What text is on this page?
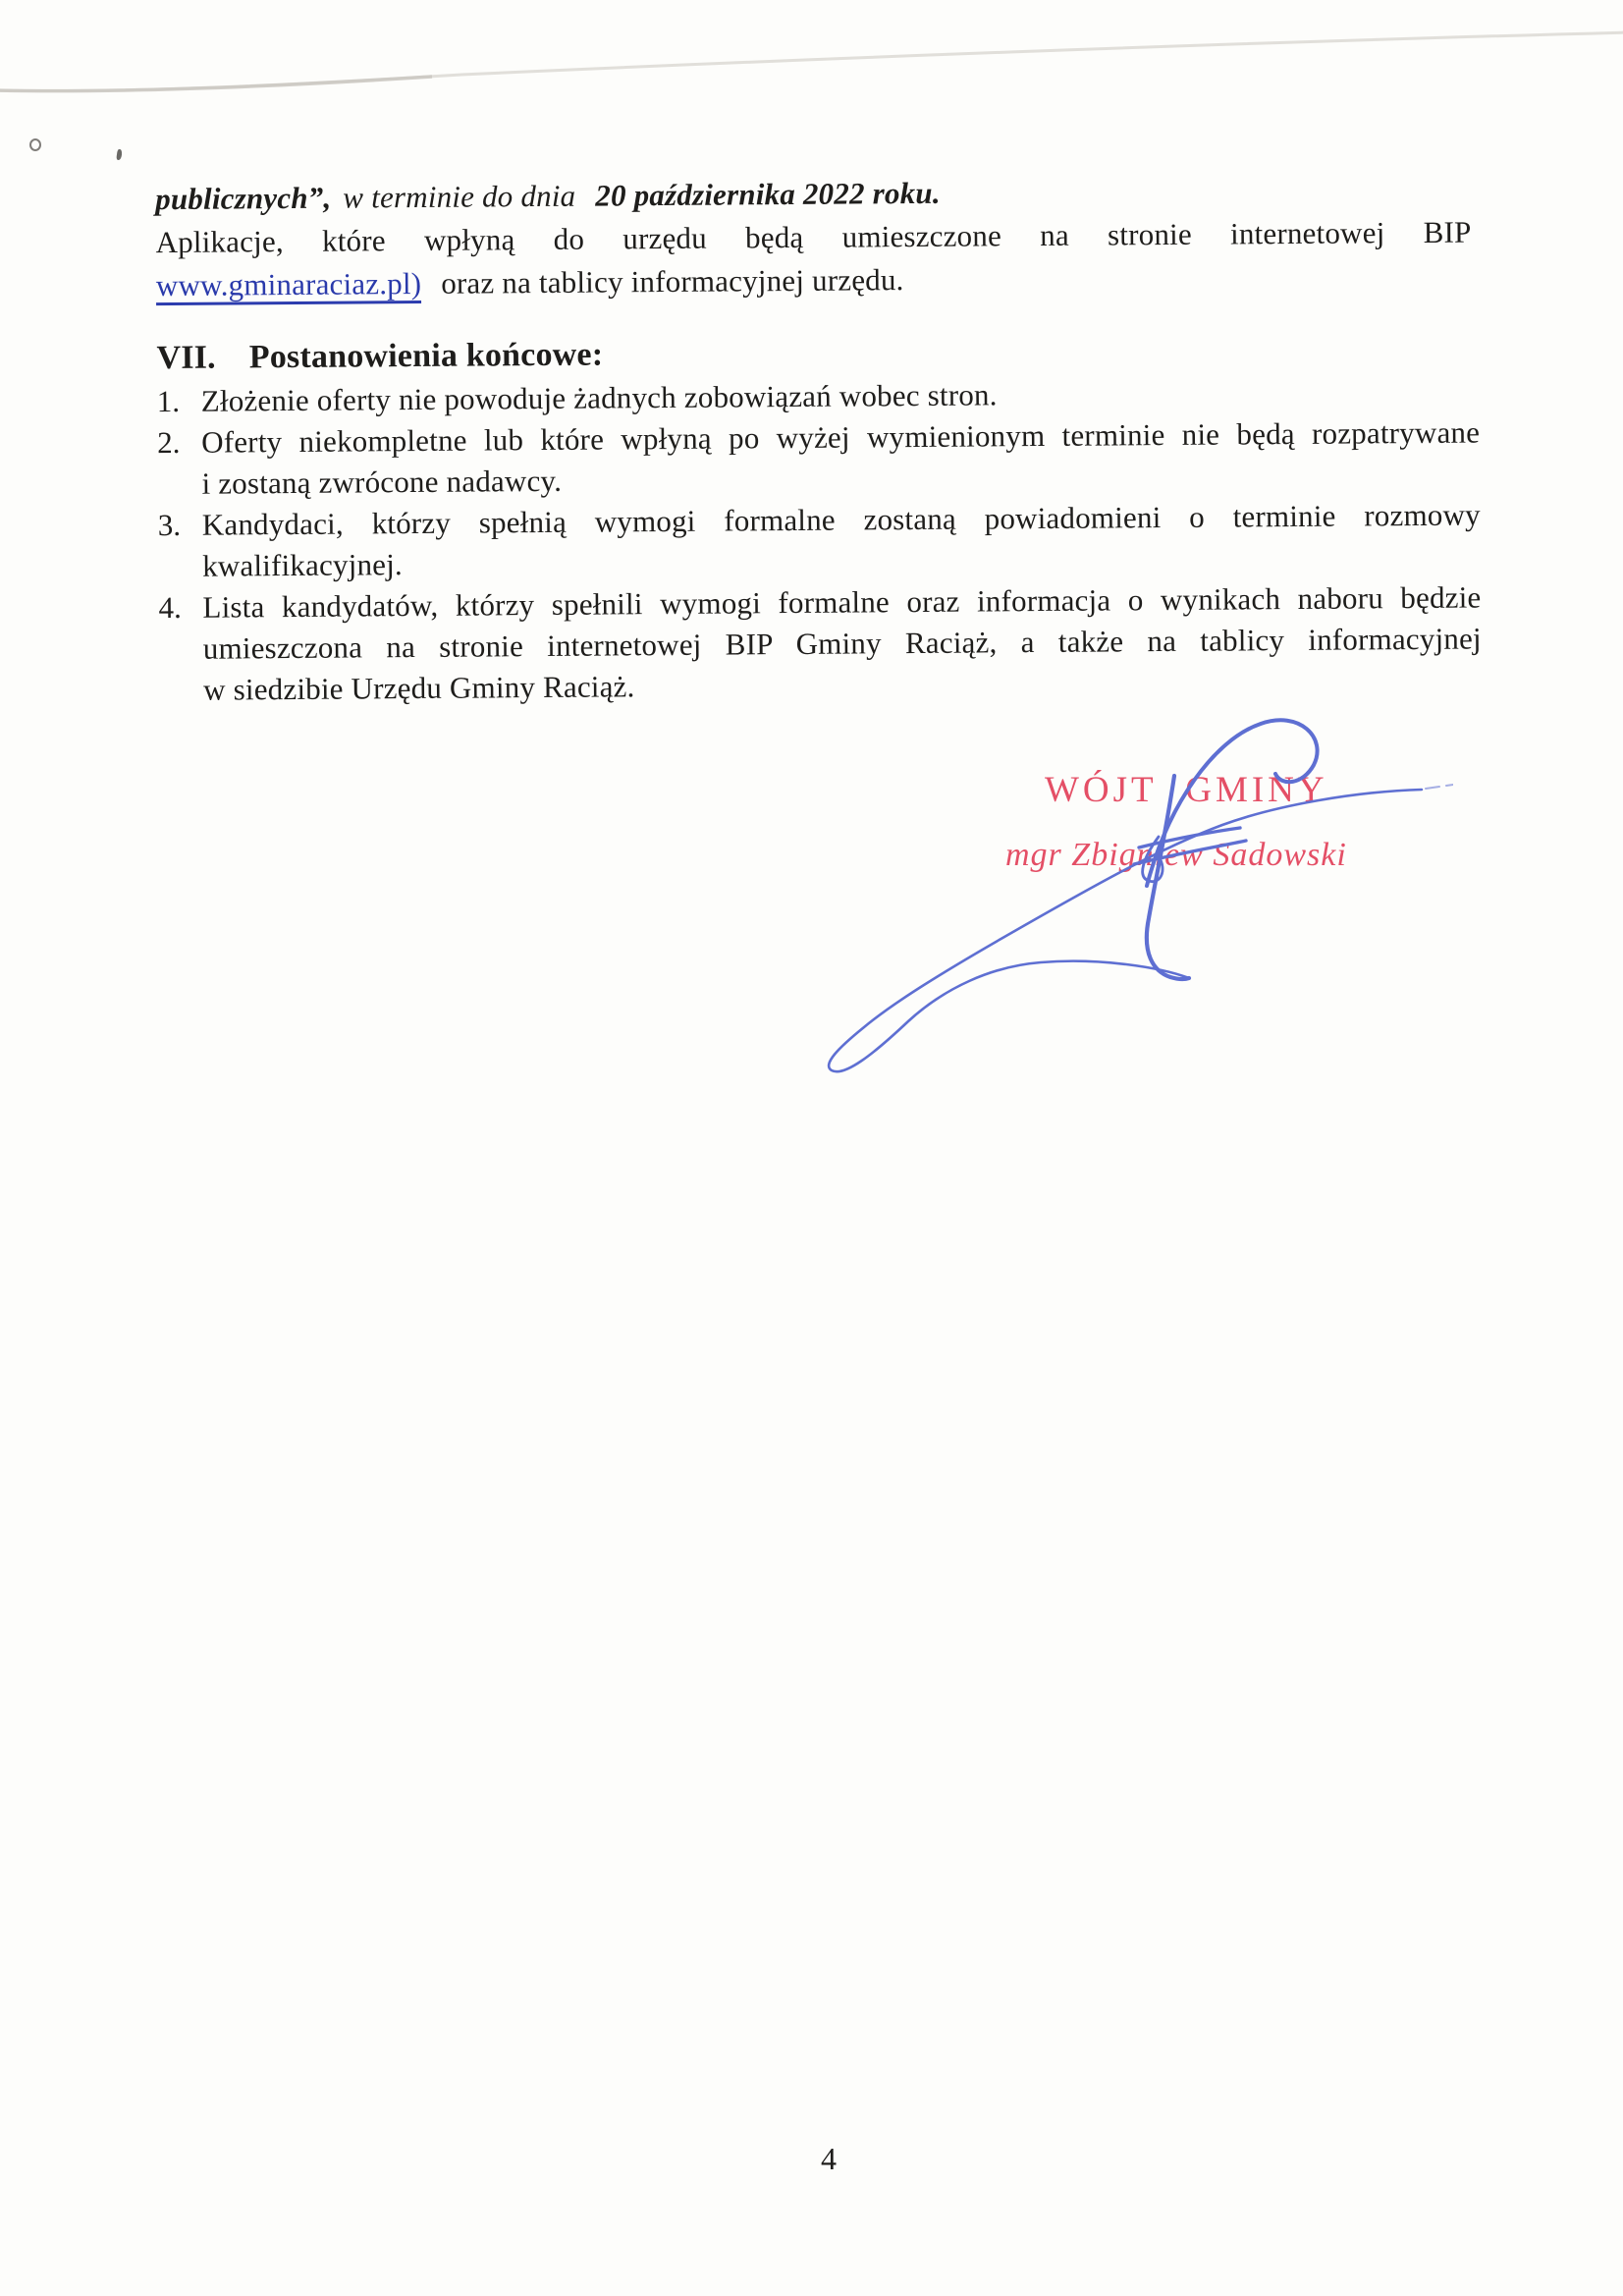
publicznych”, w terminie do dnia 20 października 2022 roku.
Aplikacje, które wpłyną do urzędu będą umieszczone na stronie internetowej BIP
www.gminaraciaz.pl) oraz na tablicy informacyjnej urzędu.
VII. Postanowienia końcowe:
1. Złożenie oferty nie powoduje żadnych zobowiązań wobec stron.
2. Oferty niekompletne lub które wpłyną po wyżej wymienionym terminie nie będą rozpatrywane
i zostaną zwrócone nadawcy.
3. Kandydaci, którzy spełnią wymogi formalne zostaną powiadomieni o terminie rozmowy
kwalifikacyjnej.
4. Lista kandydatów, którzy spełnili wymogi formalne oraz informacja o wynikach naboru będzie
umieszczona na stronie internetowej BIP Gminy Raciąż, a także na tablicy informacyjnej
w siedzibie Urzędu Gminy Raciąż.
WÓJT GMINY
mgr Zbigniew Sadowski
4
